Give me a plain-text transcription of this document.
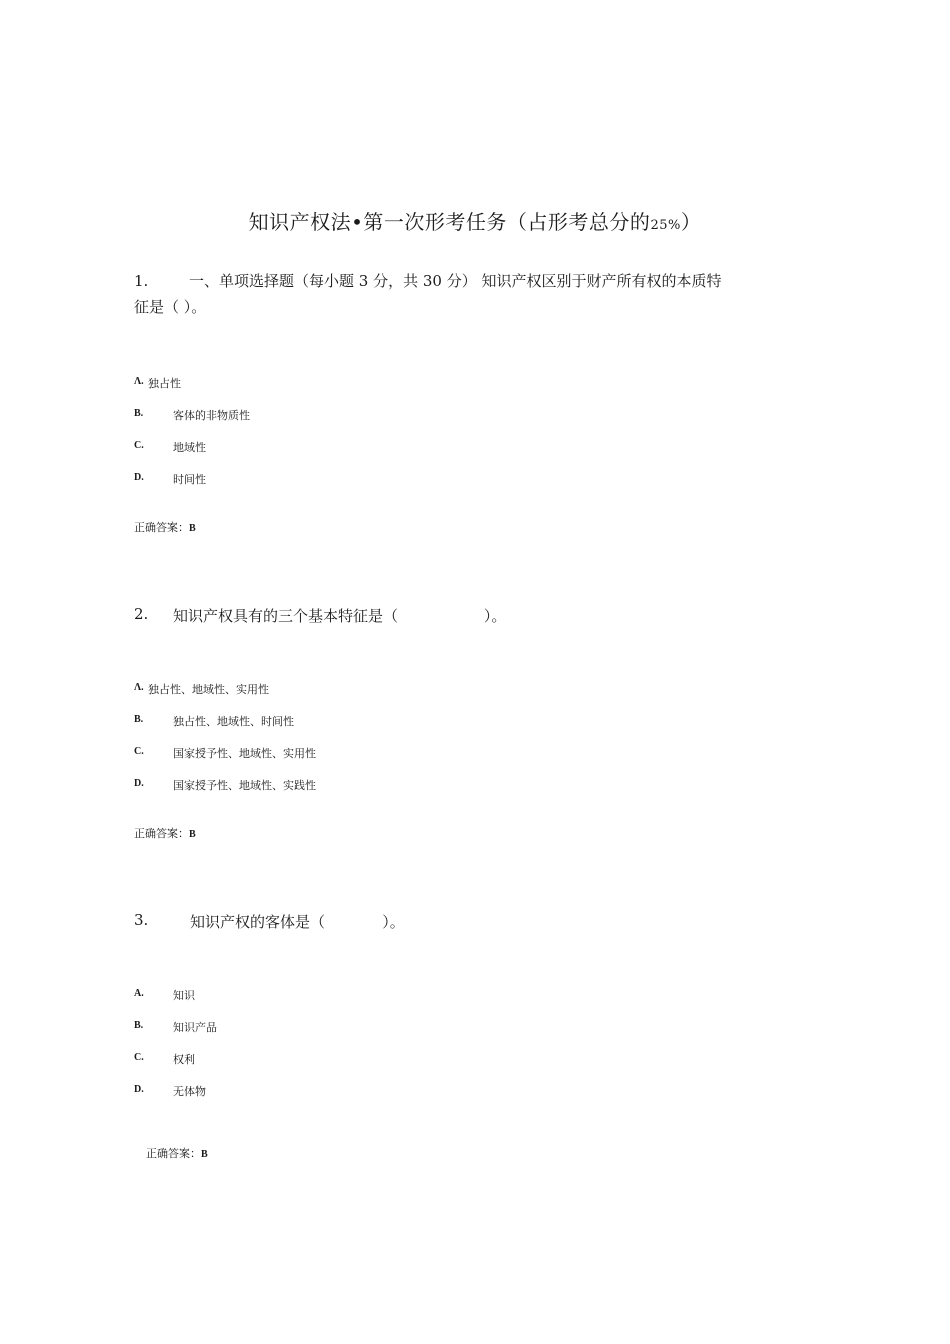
知识产权法•第一次形考任务（占形考总分的25%）
1.	一、单项选择题（每小题 3 分，共 30 分） 知识产权区别于财产所有权的本质特
征是（ ）。
Λ. 独占性
B.	客体的非物质性
C.	地域性
D.	时间性
正确答案：B
2. 知识产权具有的三个基本特征是（                  ）。
Λ. 独占性、地域性、实用性
B.	独占性、地域性、时间性
C.	国家授予性、地域性、实用性
D.	国家授予性、地域性、实践性
正确答案：B
3.	知识产权的客体是（            ）。
A.	知识
B.	知识产品
C.	权利
D.	无体物
正确答案：B
